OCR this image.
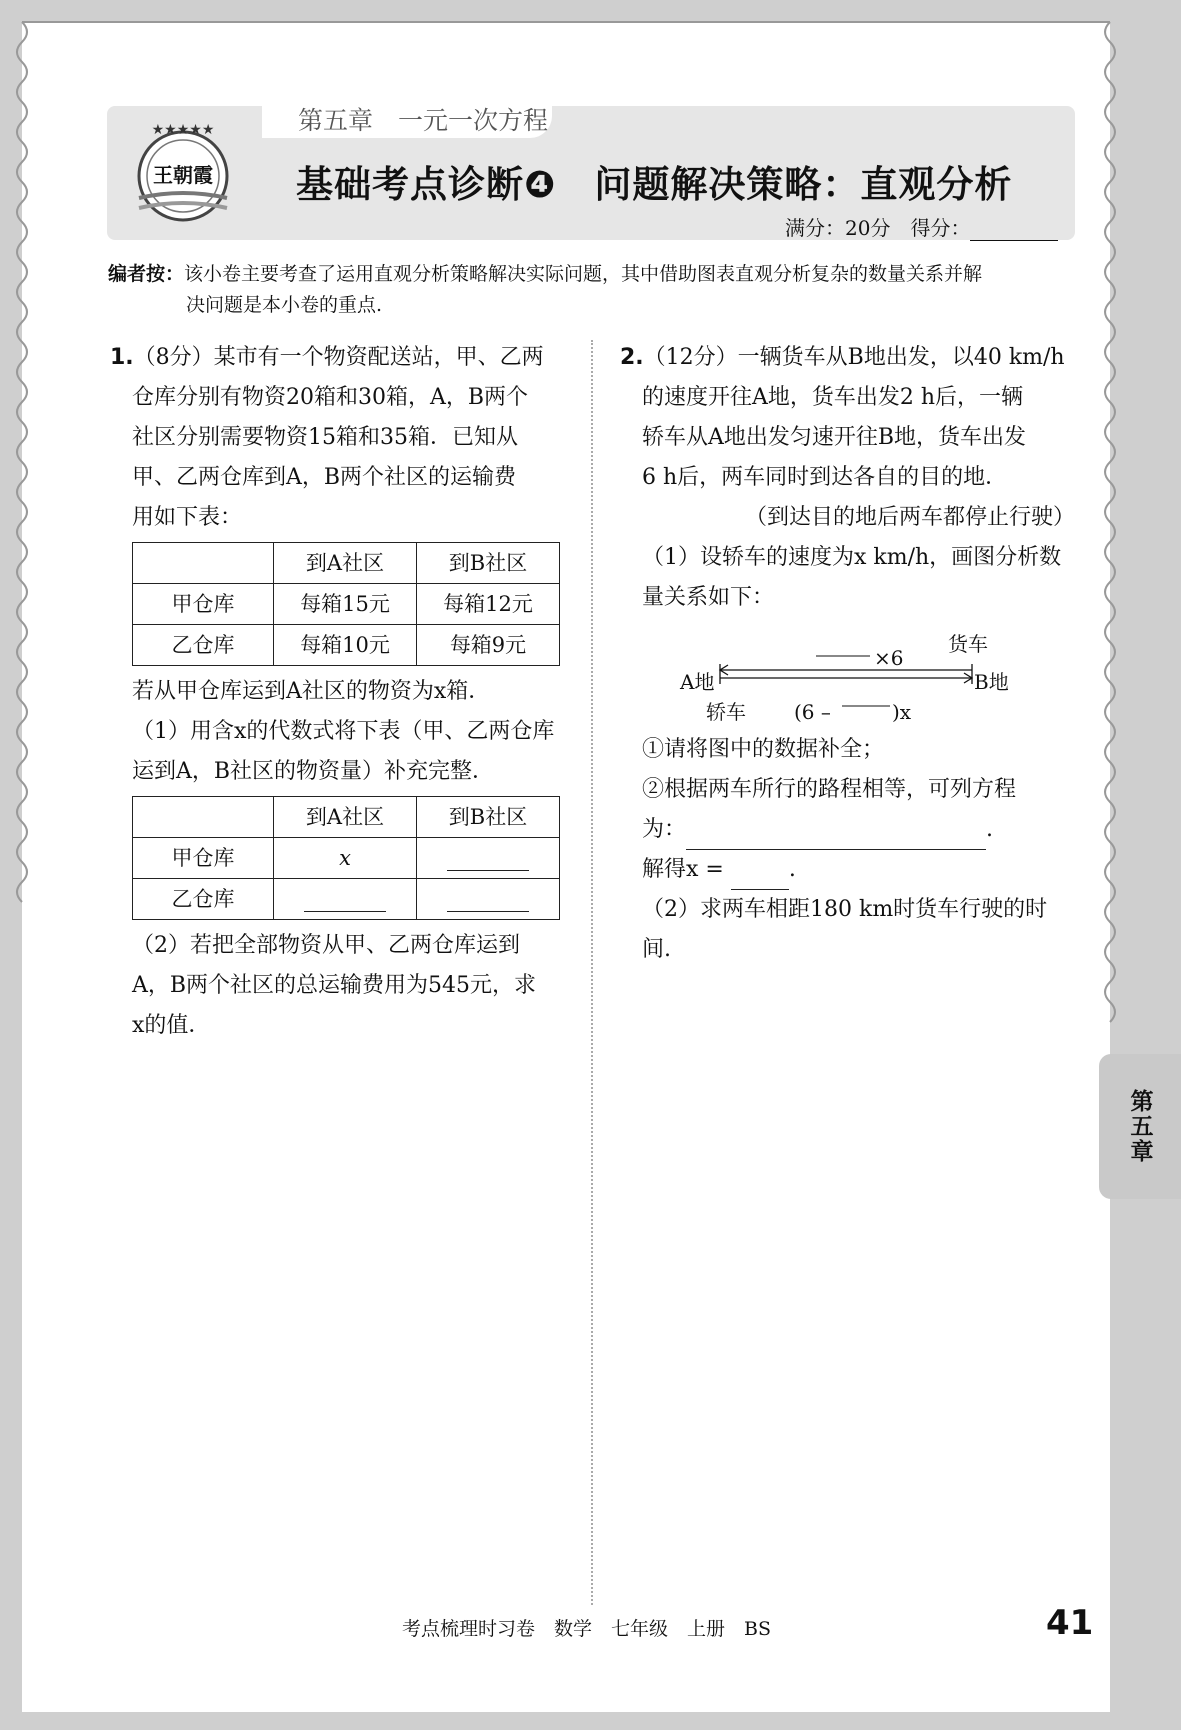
第五章　一元一次方程
★★★★★
王朝霞 基础考点诊断❹　问题解决策略：直观分析
满分：20分　 得分：
编者按：该小卷主要考查了运用直观分析策略解决实际问题，其中借助图表直观分析复杂的数量关系并解
决问题是本小卷的重点.
1.（8分）某市有一个物资配送站，甲、乙两
仓库分别有物资20箱和30箱，A，B两个
社区分别需要物资15箱和35箱．已知从
甲、乙两仓库到A，B两个社区的运输费
用如下表：
	到A社区	到B社区
甲仓库	每箱15元	每箱12元
乙仓库	每箱10元	每箱9元
若从甲仓库运到A社区的物资为x箱．
（1）用含x的代数式将下表（甲、乙两仓库
运到A，B社区的物资量）补充完整．
	到A社区	到B社区
甲仓库	x	
乙仓库		
（2）若把全部物资从甲、乙两仓库运到
A，B两个社区的总运输费用为545元，求
x的值．
2.（12分）一辆货车从B地出发，以40 km/h
的速度开往A地，货车出发2 h后，一辆
轿车从A地出发匀速开往B地，货车出发
6 h后，两车同时到达各自的目的地．
（到达目的地后两车都停止行驶）
（1）设轿车的速度为x km/h，画图分析数
量关系如下：
×6
货车
A地	B地
轿车 (6 –	)x
①请将图中的数据补全；
②根据两车所行的路程相等，可列方程
为：	.
解得x =	.
（2）求两车相距180 km时货车行驶的时间.
第五章
考点梳理时习卷　数学　七年级　上册　BS	41
